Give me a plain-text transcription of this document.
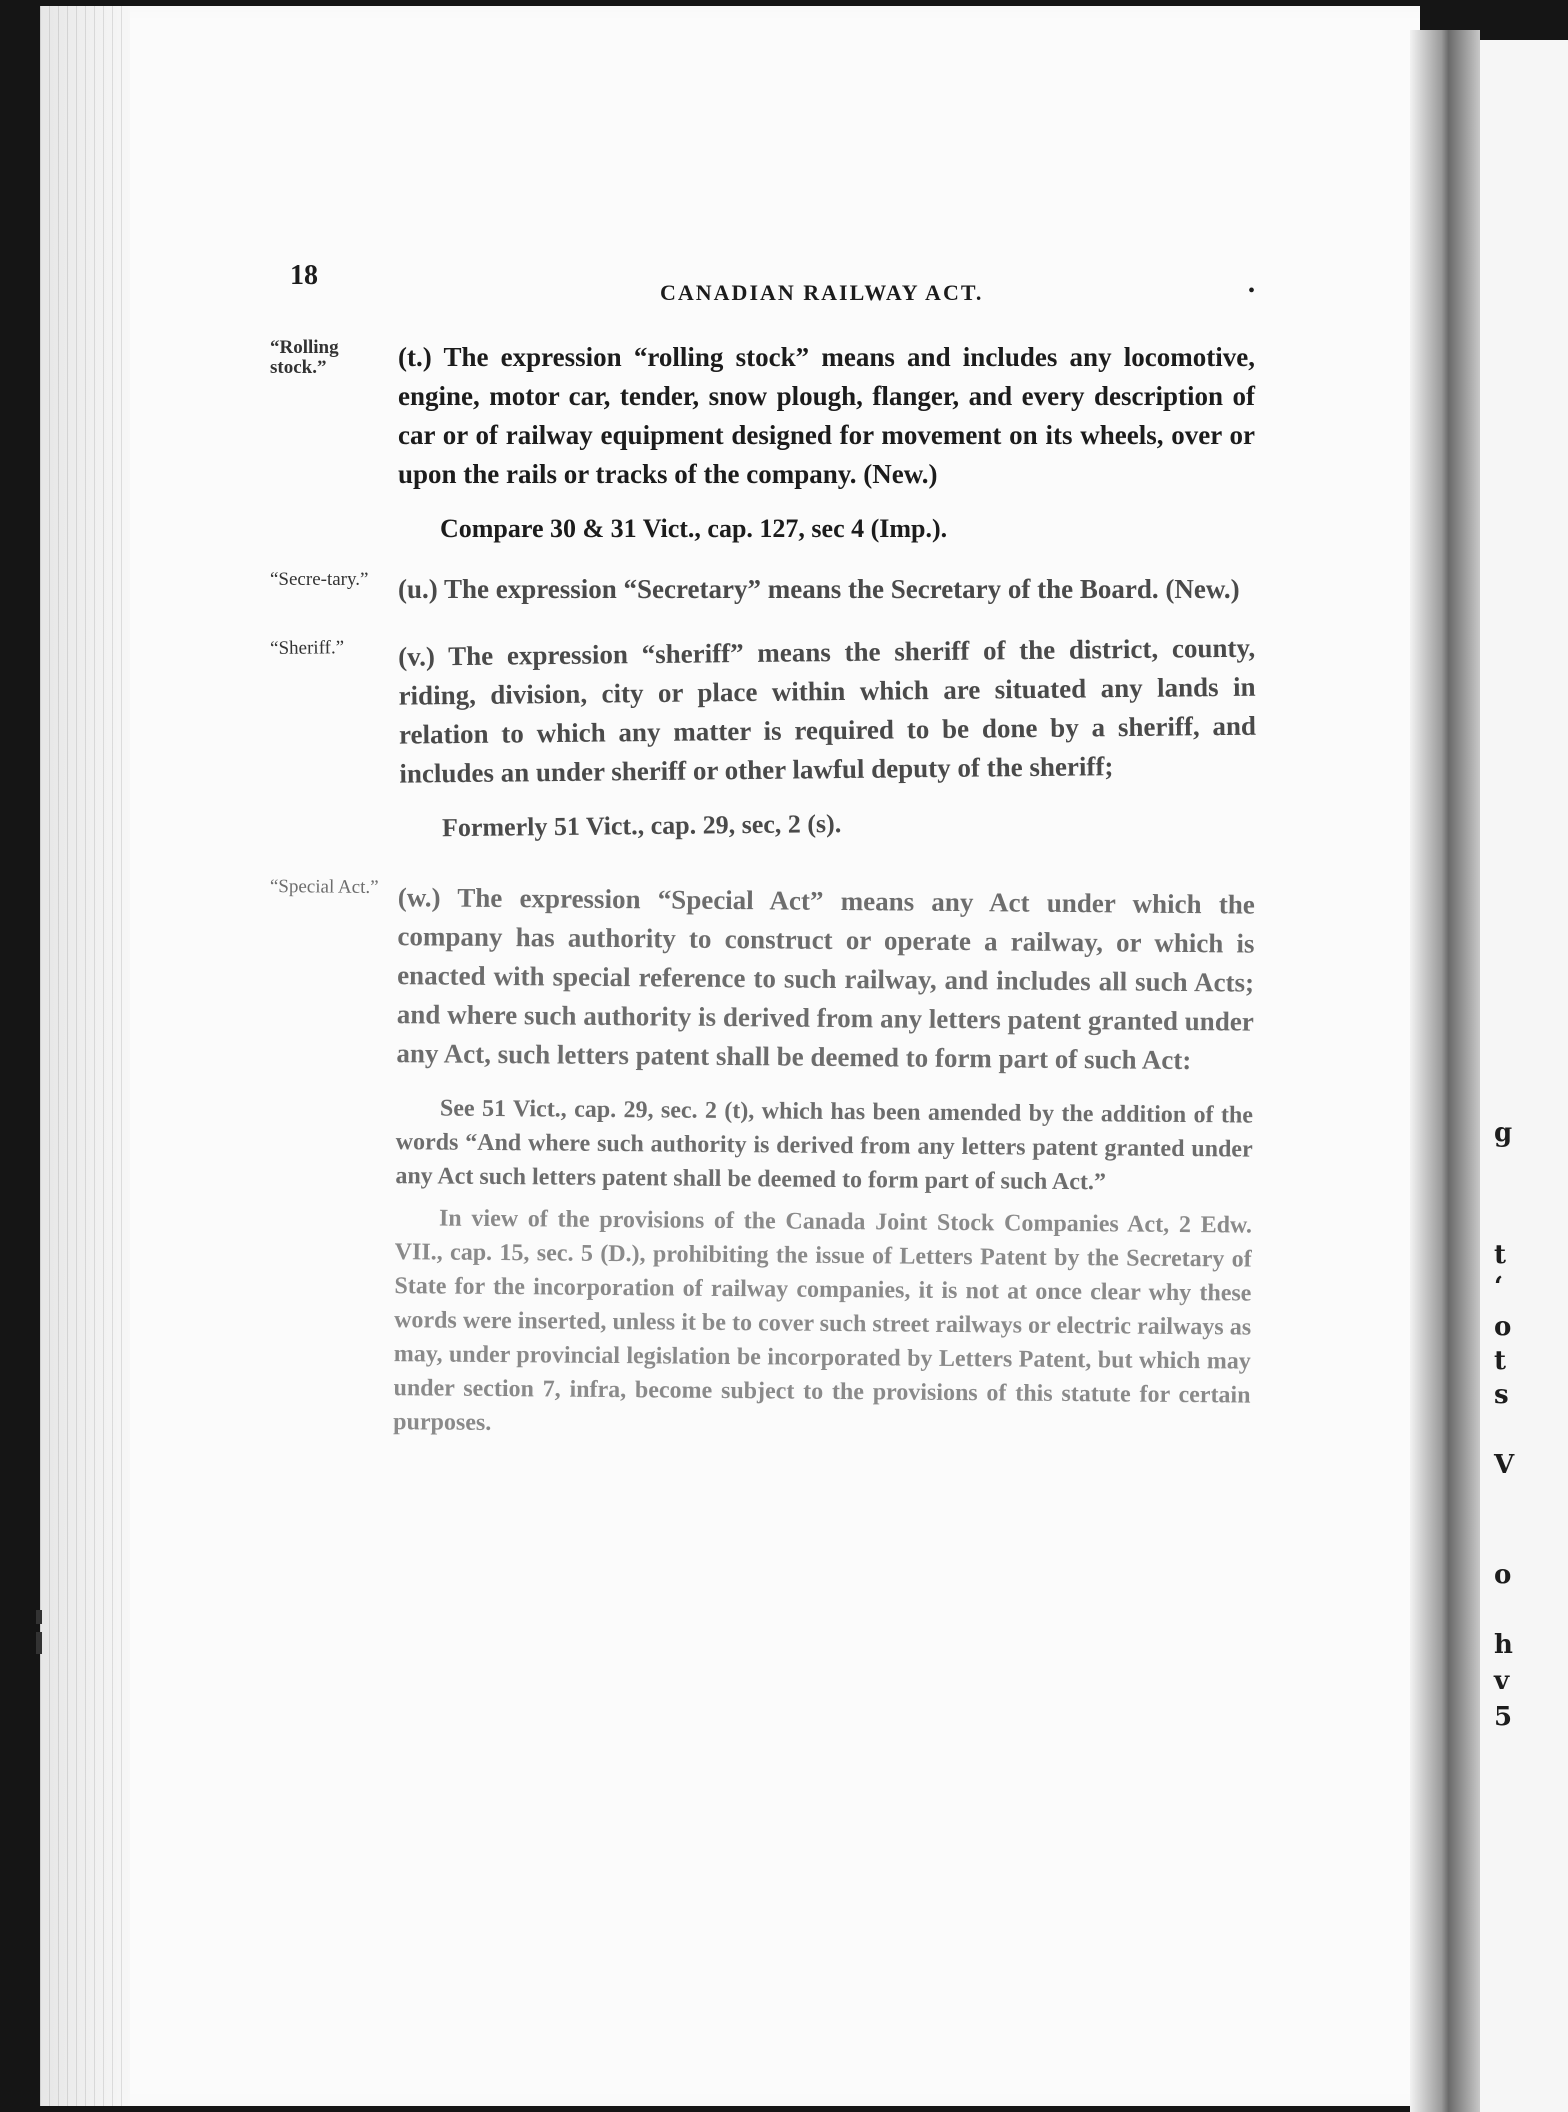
g
t
‘
o
t
s
V
o
h
v
5
18
CANADIAN RAILWAY ACT.	•
“Rolling stock.”	(t.) The expression “rolling stock” means and includes any locomotive, engine, motor car, tender, snow plough, flanger, and every description of car or of railway equipment designed for movement on its wheels, over or upon the rails or tracks of the company. (New.)
Compare 30 & 31 Vict., cap. 127, sec 4 (Imp.).
“Secre-tary.”	(u.) The expression “Secretary” means the Secretary of the Board. (New.)
“Sheriff.”	(v.) The expression “sheriff” means the sheriff of the district, county, riding, division, city or place within which are situated any lands in relation to which any matter is required to be done by a sheriff, and includes an under sheriff or other lawful deputy of the sheriff;
Formerly 51 Vict., cap. 29, sec, 2 (s).
“Special Act.” (w.) The expression “Special Act” means any Act under which the company has authority to construct or operate a railway, or which is enacted with special reference to such railway, and includes all such Acts; and where such authority is derived from any letters patent granted under any Act, such letters patent shall be deemed to form part of such Act:
See 51 Vict., cap. 29, sec. 2 (t), which has been amended by the addition of the words “And where such authority is derived from any letters patent granted under any Act such letters patent shall be deemed to form part of such Act.”
In view of the provisions of the Canada Joint Stock Companies Act, 2 Edw. VII., cap. 15, sec. 5 (D.), prohibiting the issue of Letters Patent by the Secretary of State for the incorporation of railway companies, it is not at once clear why these words were inserted, unless it be to cover such street railways or electric railways as may, under provincial legislation be incorporated by Letters Patent, but which may under section 7, infra, become subject to the provisions of this statute for certain purposes.
